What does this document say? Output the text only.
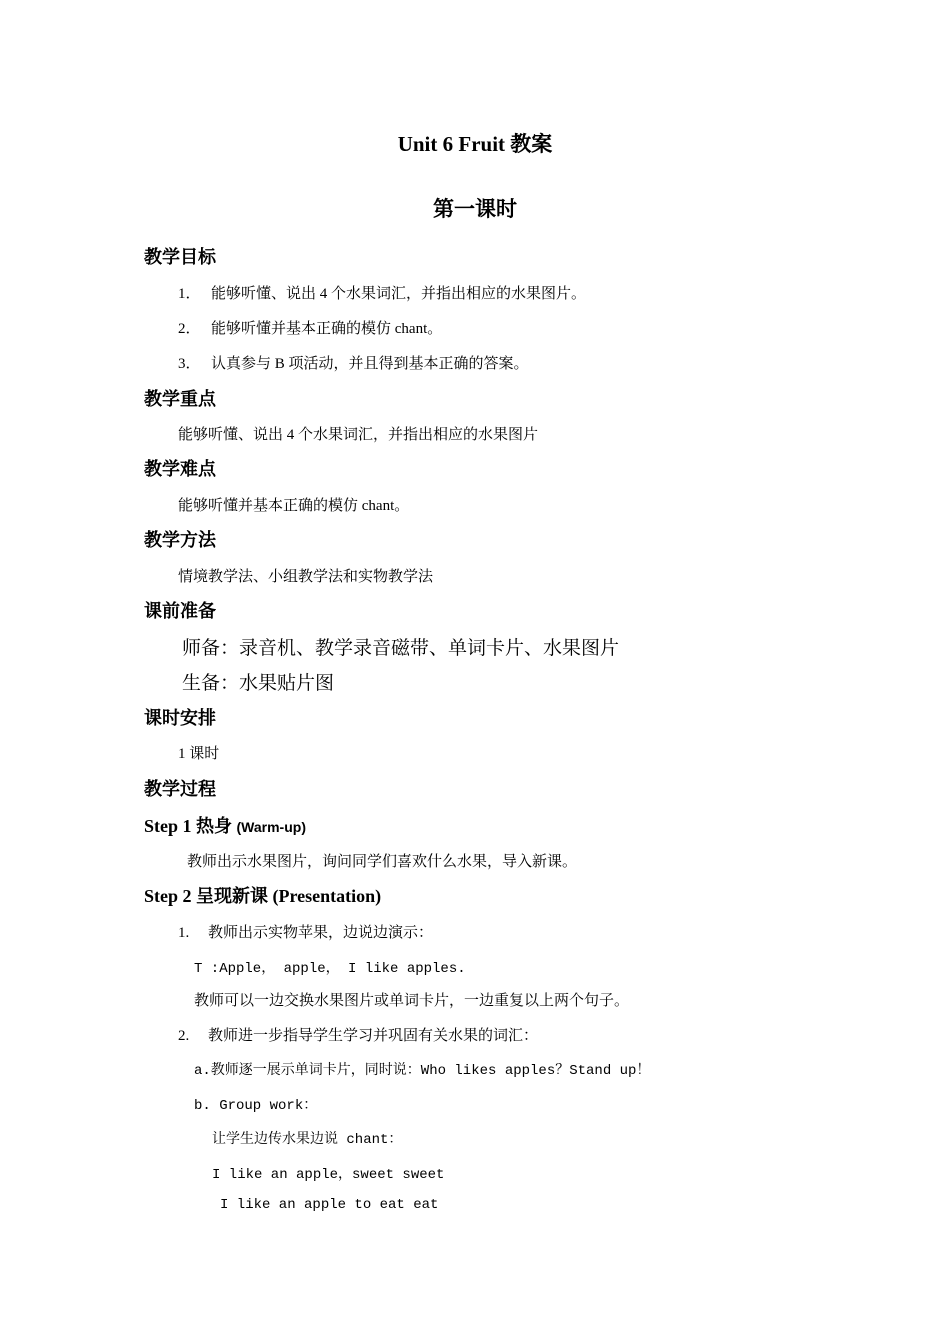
Unit 6 Fruit 教案
第一课时
教学目标
1． 能够听懂、说出 4 个水果词汇，并指出相应的水果图片。
2． 能够听懂并基本正确的模仿 chant。
3． 认真参与 B 项活动，并且得到基本正确的答案。
教学重点
能够听懂、说出 4 个水果词汇，并指出相应的水果图片
教学难点
能够听懂并基本正确的模仿 chant。
教学方法
情境教学法、小组教学法和实物教学法
课前准备
师备：录音机、教学录音磁带、单词卡片、水果图片
生备：水果贴片图
课时安排
1 课时
教学过程
Step 1 热身 (Warm-up)
教师出示水果图片，询问同学们喜欢什么水果，导入新课。
Step 2 呈现新课 (Presentation)
1. 教师出示实物苹果，边说边演示：
T :Apple， apple， I like apples.
教师可以一边交换水果图片或单词卡片，一边重复以上两个句子。
2. 教师进一步指导学生学习并巩固有关水果的词汇：
a.教师逐一展示单词卡片，同时说：Who likes apples？Stand up！
b. Group work：
让学生边传水果边说 chant：
I like an apple，sweet sweet
I like an apple to eat eat
